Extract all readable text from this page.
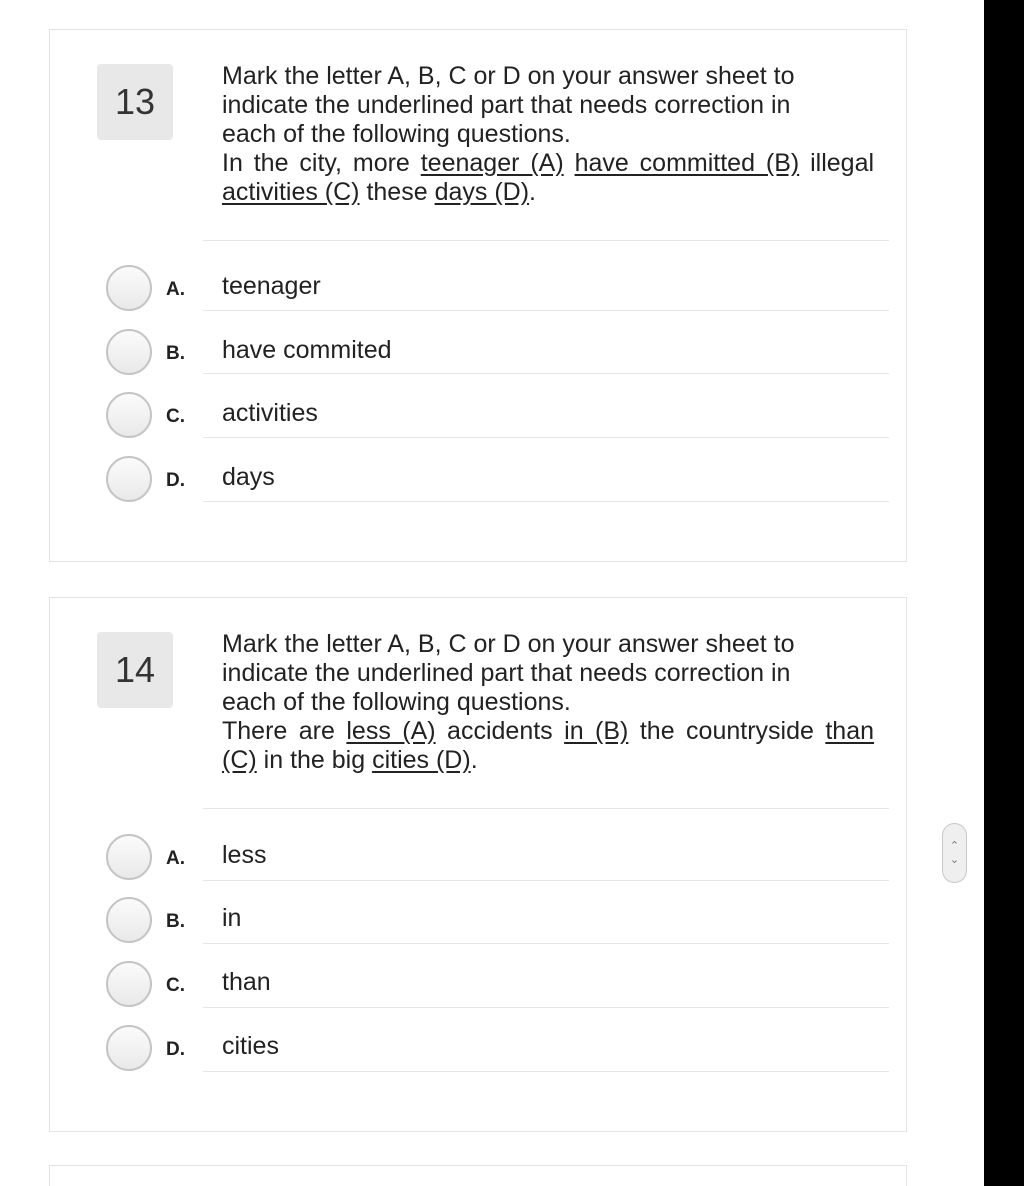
13
Mark the letter A, B, C or D on your answer sheet to
indicate the underlined part that needs correction in
each of the following questions.
In the city, more teenager (A) have committed (B) illegal activities (C) these days (D).
A. teenager
B. have commited
C. activities
D. days
14
Mark the letter A, B, C or D on your answer sheet to
indicate the underlined part that needs correction in
each of the following questions.
There are less (A) accidents in (B) the countryside than (C) in the big cities (D).
A. less
B. in
C. than
D. cities
⌃
⌄
